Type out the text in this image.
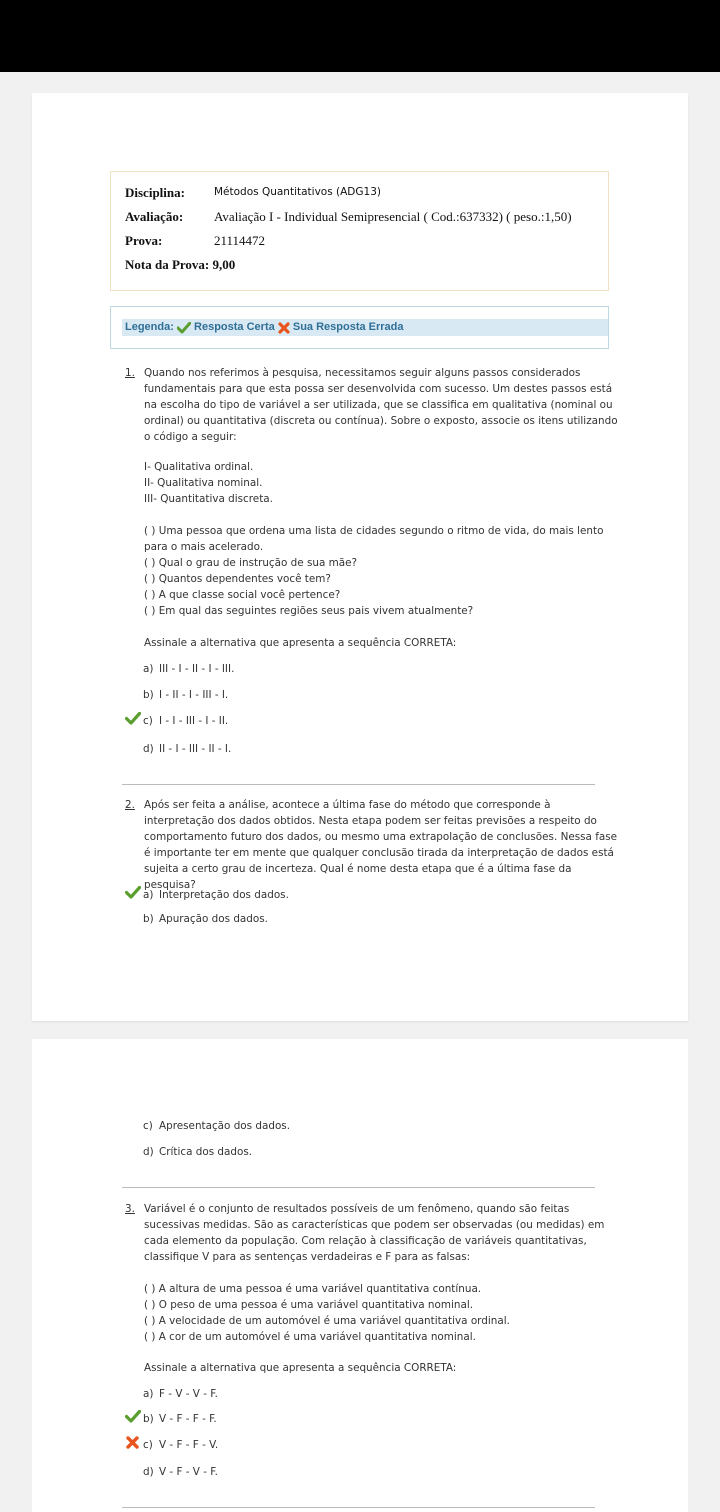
Disciplina:	Métodos Quantitativos (ADG13)
Avaliação: Avaliação I - Individual Semipresencial ( Cod.:637332) ( peso.:1,50)
Prova:	21114472
Nota da Prova: 9,00
Legenda: Resposta Certa Sua Resposta Errada
1. Quando nos referimos à pesquisa, necessitamos seguir alguns passos considerados fundamentais para que esta possa ser desenvolvida com sucesso. Um destes passos está na escolha do tipo de variável a ser utilizada, que se classifica em qualitativa (nominal ou ordinal) ou quantitativa (discreta ou contínua). Sobre o exposto, associe os itens utilizando o código a seguir:
I- Qualitativa ordinal.
II- Qualitativa nominal.
III- Quantitativa discreta.
( ) Uma pessoa que ordena uma lista de cidades segundo o ritmo de vida, do mais lento
para o mais acelerado.
( ) Qual o grau de instrução de sua mãe?
( ) Quantos dependentes você tem?
( ) A que classe social você pertence?
( ) Em qual das seguintes regiões seus pais vivem atualmente?
Assinale a alternativa que apresenta a sequência CORRETA:
a) III - I - II - I - III.
b) I - II - I - III - I.
c) I - I - III - I - II.
d) II - I - III - II - I.
2. Após ser feita a análise, acontece a última fase do método que corresponde à interpretação dos dados obtidos. Nesta etapa podem ser feitas previsões a respeito do comportamento futuro dos dados, ou mesmo uma extrapolação de conclusões. Nessa fase é importante ter em mente que qualquer conclusão tirada da interpretação de dados está sujeita a certo grau de incerteza. Qual é nome desta etapa que é a última fase da pesquisa?
a) Interpretação dos dados.
b) Apuração dos dados.
c) Apresentação dos dados.
d) Crítica dos dados.
3. Variável é o conjunto de resultados possíveis de um fenômeno, quando são feitas sucessivas medidas. São as características que podem ser observadas (ou medidas) em cada elemento da população. Com relação à classificação de variáveis quantitativas, classifique V para as sentenças verdadeiras e F para as falsas:
( ) A altura de uma pessoa é uma variável quantitativa contínua.
( ) O peso de uma pessoa é uma variável quantitativa nominal.
( ) A velocidade de um automóvel é uma variável quantitativa ordinal.
( ) A cor de um automóvel é uma variável quantitativa nominal.
Assinale a alternativa que apresenta a sequência CORRETA:
a) F - V - V - F.
b) V - F - F - F.
c) V - F - F - V.
d) V - F - V - F.
